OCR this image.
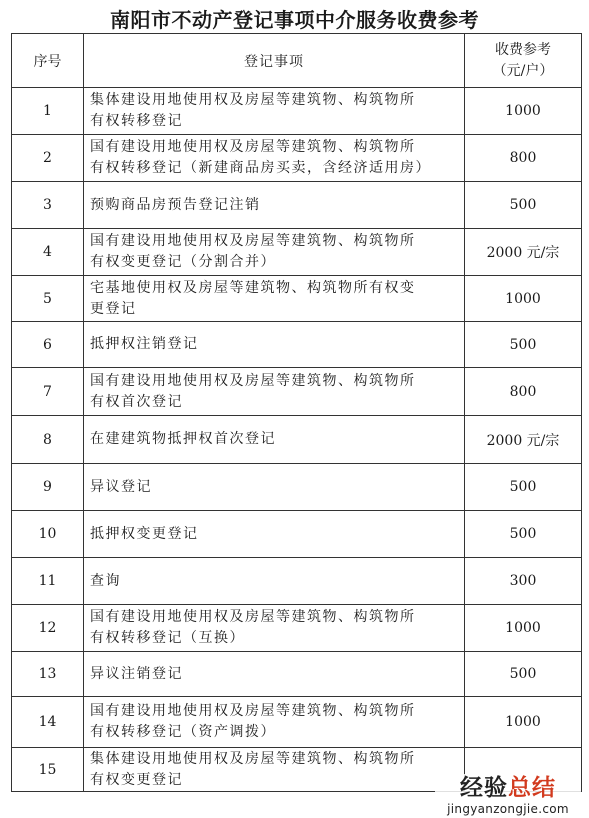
南阳市不动产登记事项中介服务收费参考
序号	登记事项	收费参考
（元/户）
1	集体建设用地使用权及房屋等建筑物、构筑物所
有权转移登记	1000
2	国有建设用地使用权及房屋等建筑物、构筑物所
有权转移登记（新建商品房买卖，含经济适用房）	800
3	预购商品房预告登记注销	500
4	国有建设用地使用权及房屋等建筑物、构筑物所
有权变更登记（分割合并）	2000 元/宗
5	宅基地使用权及房屋等建筑物、构筑物所有权变
更登记	1000
6	抵押权注销登记	500
7	国有建设用地使用权及房屋等建筑物、构筑物所
有权首次登记	800
8	在建建筑物抵押权首次登记	2000 元/宗
9	异议登记	500
10	抵押权变更登记	500
11	查询	300
12	国有建设用地使用权及房屋等建筑物、构筑物所
有权转移登记（互换）	1000
13	异议注销登记	500
14	国有建设用地使用权及房屋等建筑物、构筑物所
有权转移登记（资产调拨）	1000
15	集体建设用地使用权及房屋等建筑物、构筑物所
有权变更登记		经验总结
jingyanzongjie.com
